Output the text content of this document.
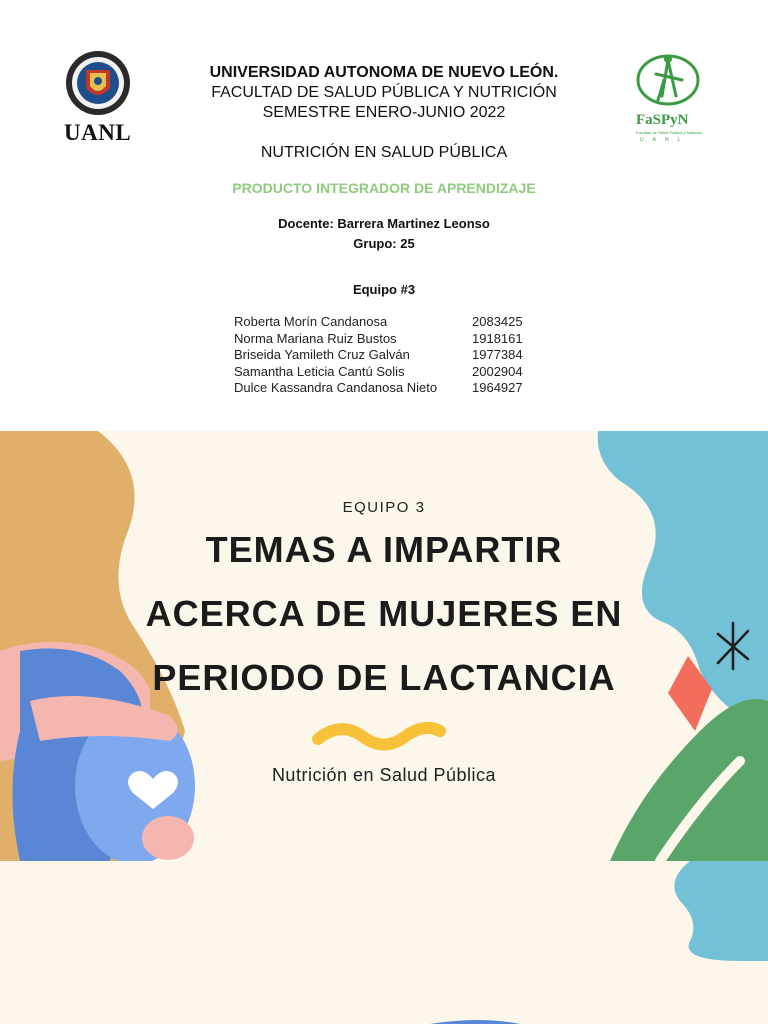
UANL	FaSPyN
Facultad de Salud Pública y Nutrición
UANL
UNIVERSIDAD AUTONOMA DE NUEVO LEÓN.
FACULTAD DE SALUD PÚBLICA Y NUTRICIÓN
SEMESTRE ENERO-JUNIO 2022
NUTRICIÓN EN SALUD PÚBLICA
PRODUCTO INTEGRADOR DE APRENDIZAJE
Docente: Barrera Martinez Leonso
Grupo: 25
Equipo #3
Roberta Morín Candanosa	2083425
Norma Mariana Ruiz Bustos	1918161
Briseida Yamileth Cruz Galván	1977384
Samantha Leticia Cantú Solis	2002904
Dulce Kassandra Candanosa Nieto	1964927
EQUIPO 3
TEMAS A IMPARTIR
ACERCA DE MUJERES EN
PERIODO DE LACTANCIA
Nutrición en Salud Pública
